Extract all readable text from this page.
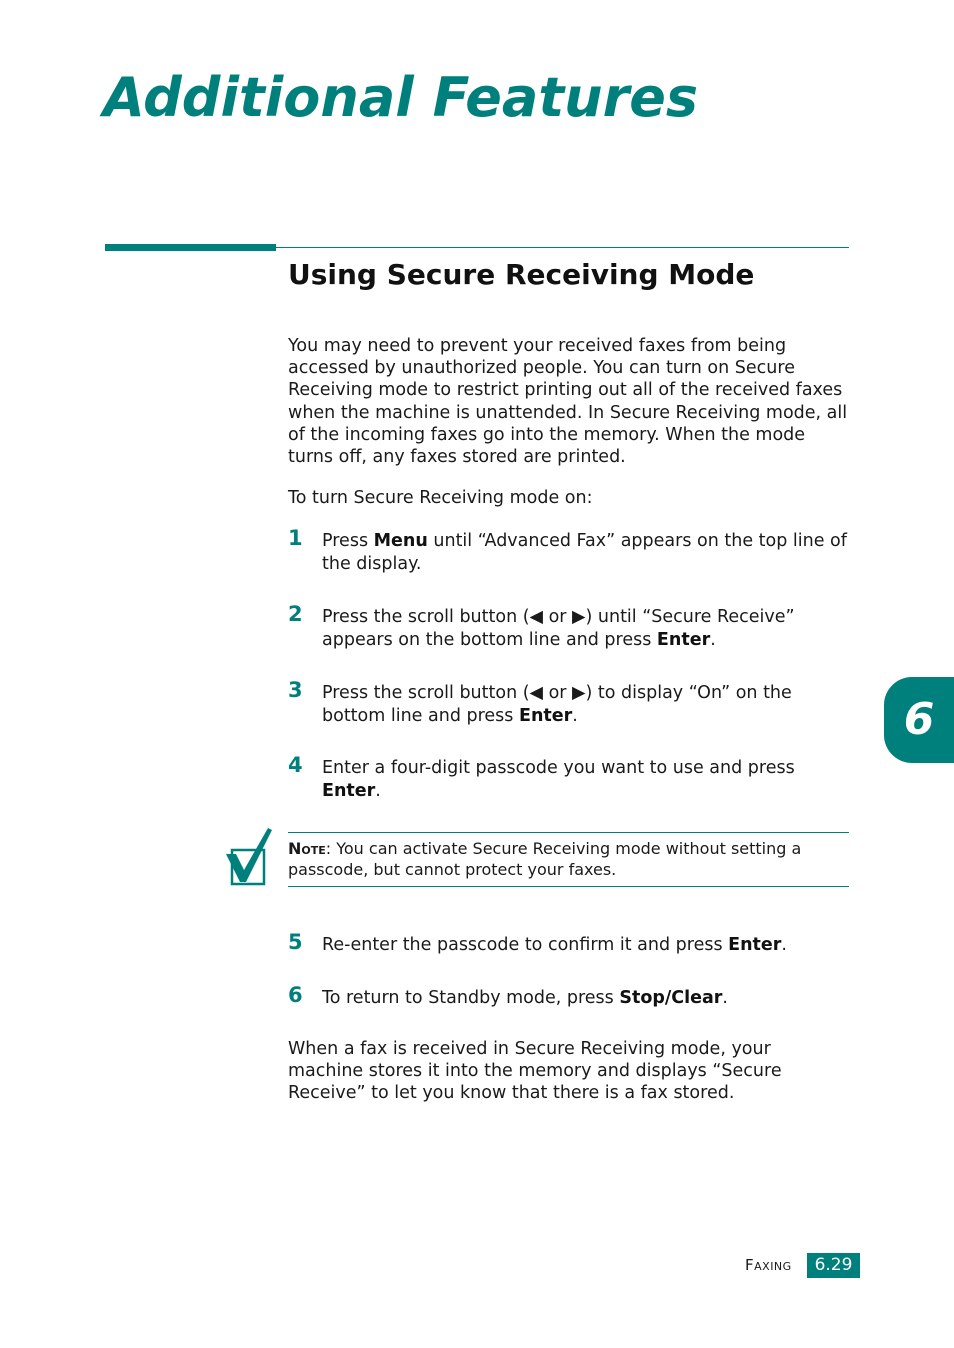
Additional Features
Using Secure Receiving Mode

You may need to prevent your received faxes from being accessed by unauthorized people. You can turn on Secure Receiving mode to restrict printing out all of the received faxes when the machine is unattended. In Secure Receiving mode, all of the incoming faxes go into the memory. When the mode turns off, any faxes stored are printed.

To turn Secure Receiving mode on:

1 Press Menu until “Advanced Fax” appears on the top line of the display.

2 Press the scroll button (◀ or ▶) until “Secure Receive” appears on the bottom line and press Enter.

3 Press the scroll button (◀ or ▶) to display “On” on the bottom line and press Enter.

4 Enter a four-digit passcode you want to use and press Enter.

Note: You can activate Secure Receiving mode without setting a passcode, but cannot protect your faxes.

5 Re-enter the passcode to confirm it and press Enter.

6 To return to Standby mode, press Stop/Clear.

When a fax is received in Secure Receiving mode, your machine stores it into the memory and displays “Secure Receive” to let you know that there is a fax stored.

6
Faxing	6.29
